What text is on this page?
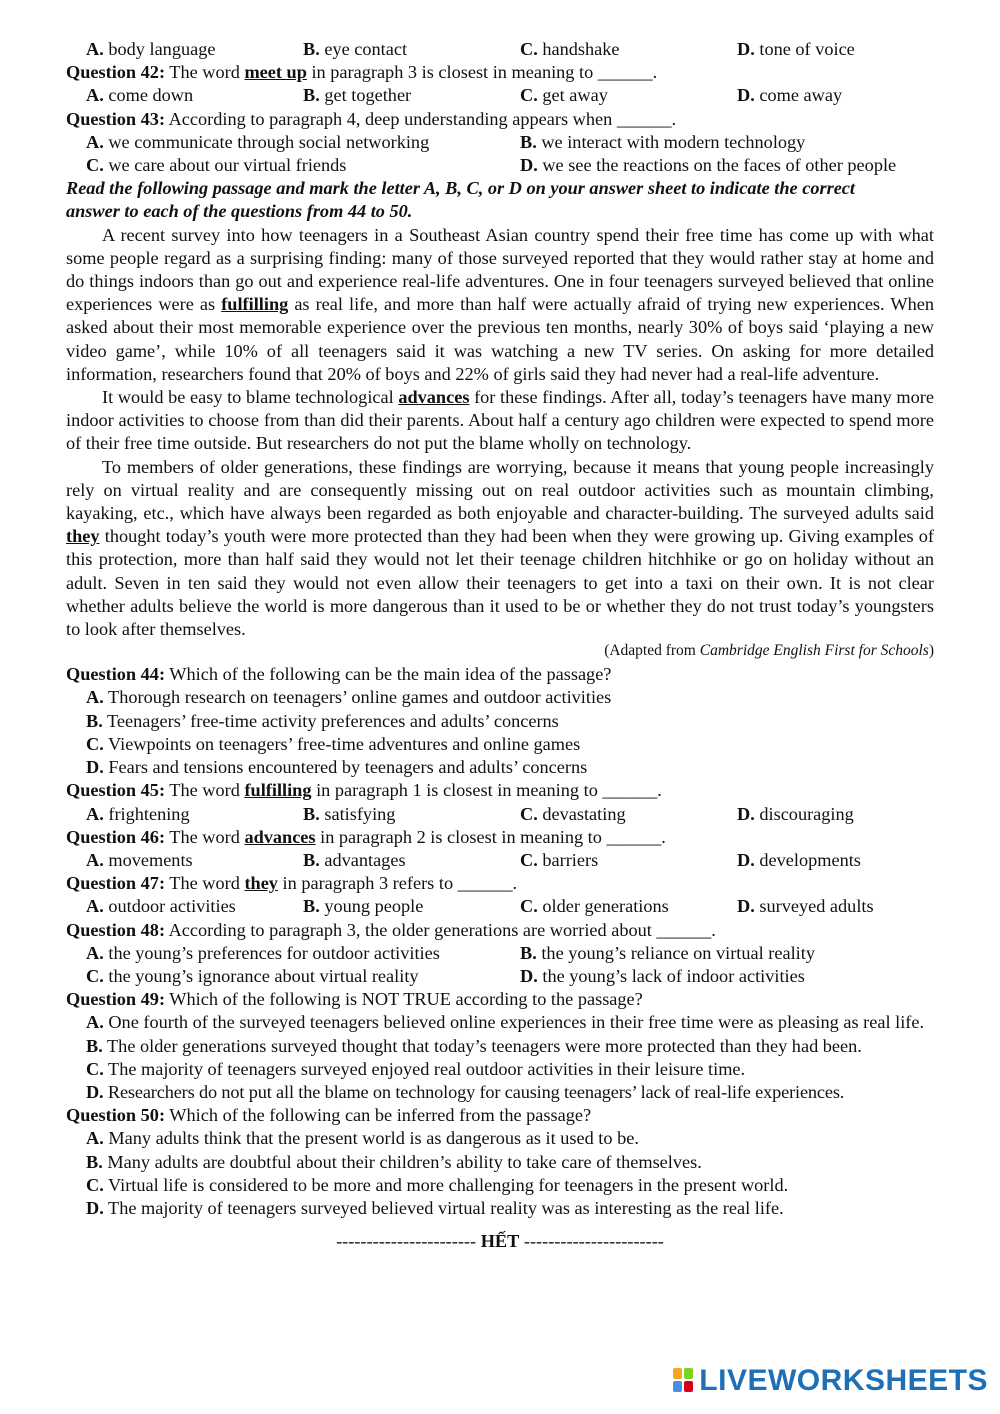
A. body language	B. eye contact	C. handshake	D. tone of voice
Question 42: The word meet up in paragraph 3 is closest in meaning to ______.
A. come down	B. get together	C. get away	D. come away
Question 43: According to paragraph 4, deep understanding appears when ______.
A. we communicate through social networking	B. we interact with modern technology
C. we care about our virtual friends	D. we see the reactions on the faces of other people
Read the following passage and mark the letter A, B, C, or D on your answer sheet to indicate the correct
answer to each of the questions from 44 to 50.
A recent survey into how teenagers in a Southeast Asian country spend their free time has come up with what some people regard as a surprising finding: many of those surveyed reported that they would rather stay at home and do things indoors than go out and experience real-life adventures. One in four teenagers surveyed believed that online experiences were as fulfilling as real life, and more than half were actually afraid of trying new experiences. When asked about their most memorable experience over the previous ten months, nearly 30% of boys said ‘playing a new video game’, while 10% of all teenagers said it was watching a new TV series. On asking for more detailed information, researchers found that 20% of boys and 22% of girls said they had never had a real-life adventure.
It would be easy to blame technological advances for these findings. After all, today’s teenagers have many more indoor activities to choose from than did their parents. About half a century ago children were expected to spend more of their free time outside. But researchers do not put the blame wholly on technology.
To members of older generations, these findings are worrying, because it means that young people increasingly rely on virtual reality and are consequently missing out on real outdoor activities such as mountain climbing, kayaking, etc., which have always been regarded as both enjoyable and character-building. The surveyed adults said they thought today’s youth were more protected than they had been when they were growing up. Giving examples of this protection, more than half said they would not let their teenage children hitchhike or go on holiday without an adult. Seven in ten said they would not even allow their teenagers to get into a taxi on their own. It is not clear whether adults believe the world is more dangerous than it used to be or whether they do not trust today’s youngsters to look after themselves.
(Adapted from Cambridge English First for Schools)
Question 44: Which of the following can be the main idea of the passage?
A. Thorough research on teenagers’ online games and outdoor activities
B. Teenagers’ free-time activity preferences and adults’ concerns
C. Viewpoints on teenagers’ free-time adventures and online games
D. Fears and tensions encountered by teenagers and adults’ concerns
Question 45: The word fulfilling in paragraph 1 is closest in meaning to ______.
A. frightening	B. satisfying	C. devastating	D. discouraging
Question 46: The word advances in paragraph 2 is closest in meaning to ______.
A. movements	B. advantages	C. barriers	D. developments
Question 47: The word they in paragraph 3 refers to ______.
A. outdoor activities	B. young people	C. older generations	D. surveyed adults
Question 48: According to paragraph 3, the older generations are worried about ______.
A. the young’s preferences for outdoor activities	B. the young’s reliance on virtual reality
C. the young’s ignorance about virtual reality	D. the young’s lack of indoor activities
Question 49: Which of the following is NOT TRUE according to the passage?
A. One fourth of the surveyed teenagers believed online experiences in their free time were as pleasing as real life.
B. The older generations surveyed thought that today’s teenagers were more protected than they had been.
C. The majority of teenagers surveyed enjoyed real outdoor activities in their leisure time.
D. Researchers do not put all the blame on technology for causing teenagers’ lack of real-life experiences.
Question 50: Which of the following can be inferred from the passage?
A. Many adults think that the present world is as dangerous as it used to be.
B. Many adults are doubtful about their children’s ability to take care of themselves.
C. Virtual life is considered to be more and more challenging for teenagers in the present world.
D. The majority of teenagers surveyed believed virtual reality was as interesting as the real life.
----------------------- HẾT -----------------------
LIVEWORKSHEETS
